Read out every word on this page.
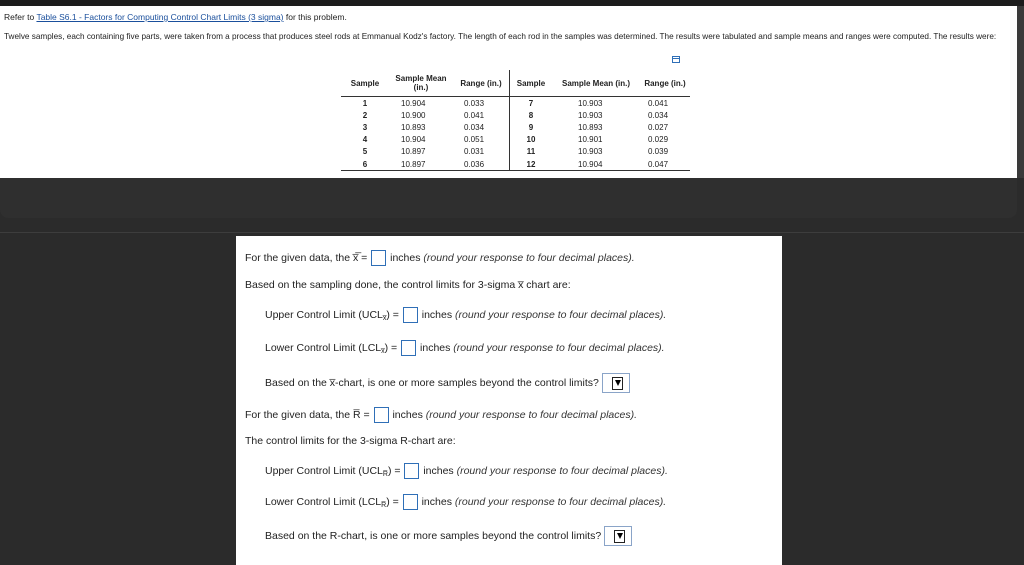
Refer to Table S6.1 - Factors for Computing Control Chart Limits (3 sigma) for this problem.
Twelve samples, each containing five parts, were taken from a process that produces steel rods at Emmanual Kodz's factory. The length of each rod in the samples was determined. The results were tabulated and sample means and ranges were computed. The results were:
Sample	Sample Mean (in.)	Range (in.)	Sample	Sample Mean (in.)	Range (in.)
1	10.904	0.033	7	10.903	0.041
2	10.900	0.041	8	10.903	0.034
3	10.893	0.034	9	10.893	0.027
4	10.904	0.051	10	10.901	0.029
5	10.897	0.031	11	10.903	0.039
6	10.897	0.036	12	10.904	0.047
For the given data, the x̅̅ =  inches (round your response to four decimal places).
Based on the sampling done, the control limits for 3-sigma x̅ chart are:
Upper Control Limit $(UCL_{x̅})$ =  inches (round your response to four decimal places).
Lower Control Limit $(LCL_{x̅})$ =  inches (round your response to four decimal places).
Based on the x̅-chart, is one or more samples beyond the control limits?
For the given data, the R̅ =  inches (round your response to four decimal places).
The control limits for the 3-sigma R-chart are:
Upper Control Limit $(UCL_{R̅})$ =  inches (round your response to four decimal places).
Lower Control Limit $(LCL_{R̅})$ =  inches (round your response to four decimal places).
Based on the R-chart, is one or more samples beyond the control limits?
